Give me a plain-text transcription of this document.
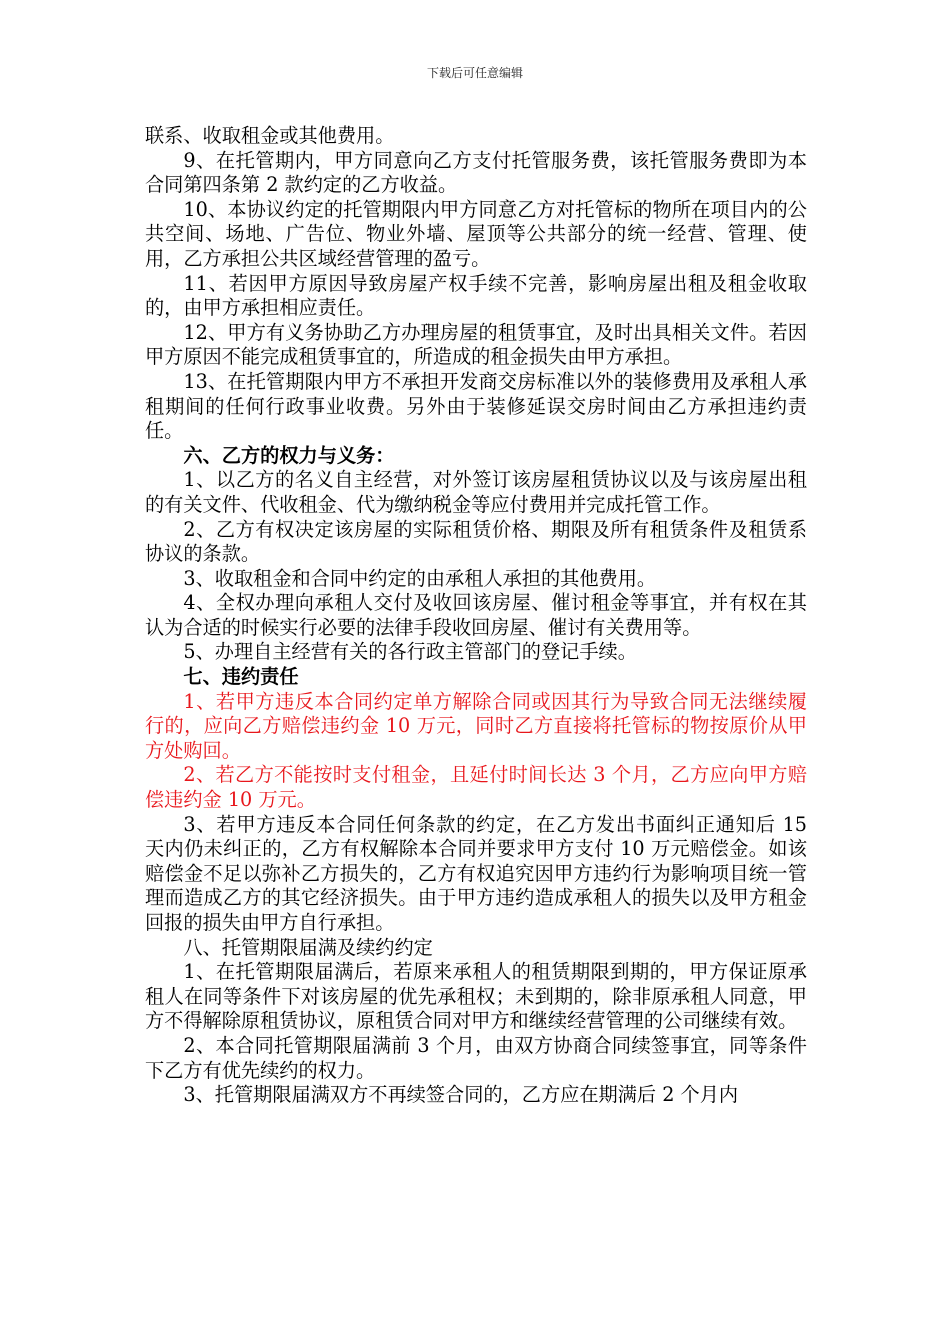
下载后可任意编辑

联系、收取租金或其他费用。

9、在托管期内，甲方同意向乙方支付托管服务费，该托管服务费即为本合同第四条第 2 款约定的乙方收益。

10、本协议约定的托管期限内甲方同意乙方对托管标的物所在项目内的公共空间、场地、广告位、物业外墙、屋顶等公共部分的统一经营、管理、使用，乙方承担公共区域经营管理的盈亏。

11、若因甲方原因导致房屋产权手续不完善，影响房屋出租及租金收取的，由甲方承担相应责任。

12、甲方有义务协助乙方办理房屋的租赁事宜，及时出具相关文件。若因甲方原因不能完成租赁事宜的，所造成的租金损失由甲方承担。

13、在托管期限内甲方不承担开发商交房标准以外的装修费用及承租人承租期间的任何行政事业收费。另外由于装修延误交房时间由乙方承担违约责任。

六、乙方的权力与义务：

1、以乙方的名义自主经营，对外签订该房屋租赁协议以及与该房屋出租的有关文件、代收租金、代为缴纳税金等应付费用并完成托管工作。

2、乙方有权决定该房屋的实际租赁价格、期限及所有租赁条件及租赁系协议的条款。

3、收取租金和合同中约定的由承租人承担的其他费用。

4、全权办理向承租人交付及收回该房屋、催讨租金等事宜，并有权在其认为合适的时候实行必要的法律手段收回房屋、催讨有关费用等。

5、办理自主经营有关的各行政主管部门的登记手续。

七、违约责任

1、若甲方违反本合同约定单方解除合同或因其行为导致合同无法继续履行的，应向乙方赔偿违约金 10 万元，同时乙方直接将托管标的物按原价从甲方处购回。

2、若乙方不能按时支付租金，且延付时间长达 3 个月，乙方应向甲方赔偿违约金 10 万元。

3、若甲方违反本合同任何条款的约定，在乙方发出书面纠正通知后 15 天内仍未纠正的，乙方有权解除本合同并要求甲方支付 10 万元赔偿金。如该赔偿金不足以弥补乙方损失的，乙方有权追究因甲方违约行为影响项目统一管理而造成乙方的其它经济损失。由于甲方违约造成承租人的损失以及甲方租金回报的损失由甲方自行承担。

八、托管期限届满及续约约定

1、在托管期限届满后，若原来承租人的租赁期限到期的，甲方保证原承租人在同等条件下对该房屋的优先承租权；未到期的，除非原承租人同意，甲方不得解除原租赁协议，原租赁合同对甲方和继续经营管理的公司继续有效。

2、本合同托管期限届满前 3 个月，由双方协商合同续签事宜，同等条件下乙方有优先续约的权力。

3、托管期限届满双方不再续签合同的，乙方应在期满后 2 个月内
